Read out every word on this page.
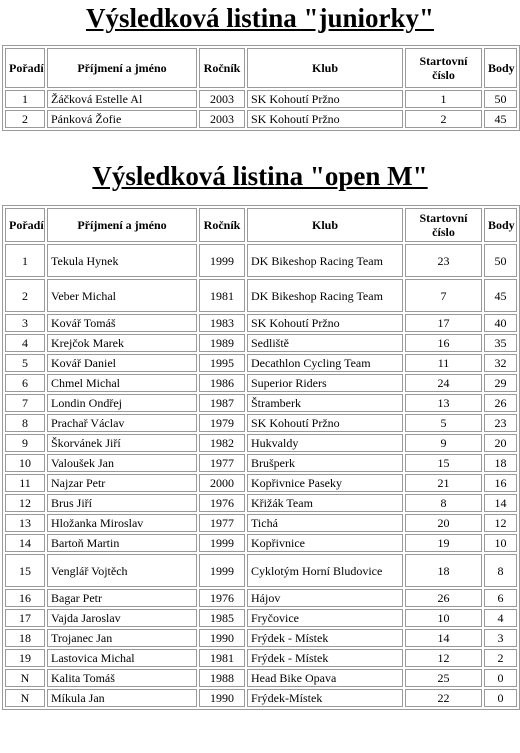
Výsledková listina "juniorky"
Pořadí	Příjmení a jméno	Ročník	Klub	Startovní číslo	Body
1	Žáčková Estelle Al	2003	SK Kohoutí Pržno	1	50
2	Pánková Žofie	2003	SK Kohoutí Pržno	2	45
Výsledková listina "open M"
Pořadí	Příjmení a jméno	Ročník	Klub	Startovní číslo	Body
1	Tekula Hynek	1999	DK Bikeshop Racing Team	23	50
2	Veber Michal	1981	DK Bikeshop Racing Team	7	45
3	Kovář Tomáš	1983	SK Kohoutí Pržno	17	40
4	Krejčok Marek	1989	Sedliště	16	35
5	Kovář Daniel	1995	Decathlon Cycling Team	11	32
6	Chmel Michal	1986	Superior Riders	24	29
7	Londin Ondřej	1987	Štramberk	13	26
8	Prachař Václav	1979	SK Kohoutí Pržno	5	23
9	Škorvánek Jiří	1982	Hukvaldy	9	20
10	Valoušek Jan	1977	Brušperk	15	18
11	Najzar Petr	2000	Kopřivnice Paseky	21	16
12	Brus Jiří	1976	Křižák Team	8	14
13	Hložanka Miroslav	1977	Tichá	20	12
14	Bartoň Martin	1999	Kopřivnice	19	10
15	Venglář Vojtěch	1999	Cyklotým Horní Bludovice	18	8
16	Bagar Petr	1976	Hájov	26	6
17	Vajda Jaroslav	1985	Fryčovice	10	4
18	Trojanec Jan	1990	Frýdek - Místek	14	3
19	Lastovica Michal	1981	Frýdek - Místek	12	2
N	Kalita Tomáš	1988	Head Bike Opava	25	0
N	Míkula Jan	1990	Frýdek-Místek	22	0
